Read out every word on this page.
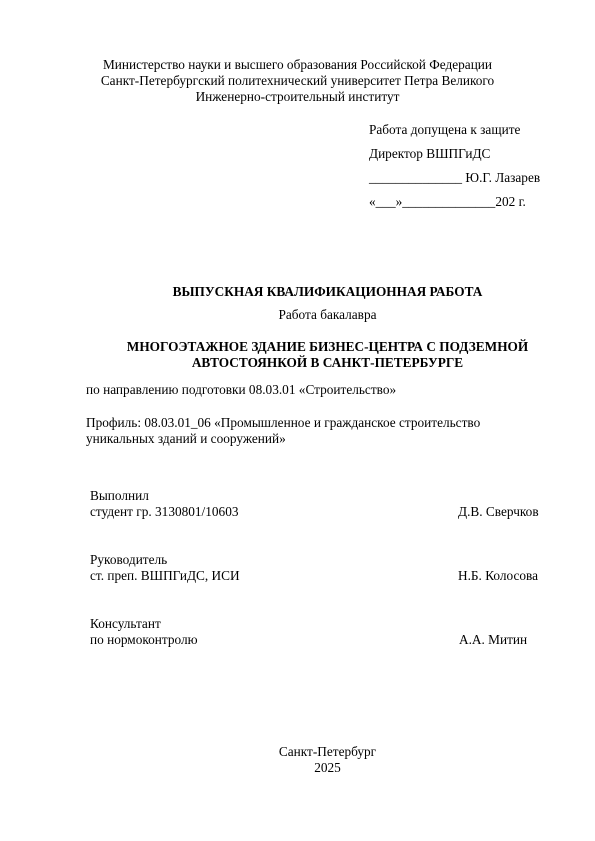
Министерство науки и высшего образования Российской Федерации
Санкт-Петербургский политехнический университет Петра Великого
Инженерно-строительный институт
Работа допущена к защите
Директор ВШПГиДС
______________ Ю.Г. Лазарев
«___»______________202 г.
ВЫПУСКНАЯ КВАЛИФИКАЦИОННАЯ РАБОТА
Работа бакалавра
МНОГОЭТАЖНОЕ ЗДАНИЕ БИЗНЕС-ЦЕНТРА С ПОДЗЕМНОЙ
АВТОСТОЯНКОЙ В САНКТ-ПЕТЕРБУРГЕ
по направлению подготовки 08.03.01 «Строительство»
Профиль: 08.03.01_06 «Промышленное и гражданское строительство
уникальных зданий и сооружений»
Выполнил
студент гр. 3130801/10603	Д.В. Сверчков
Руководитель
ст. преп. ВШПГиДС, ИСИ	Н.Б. Колосова
Консультант
по нормоконтролю	А.А. Митин
Санкт-Петербург
2025
